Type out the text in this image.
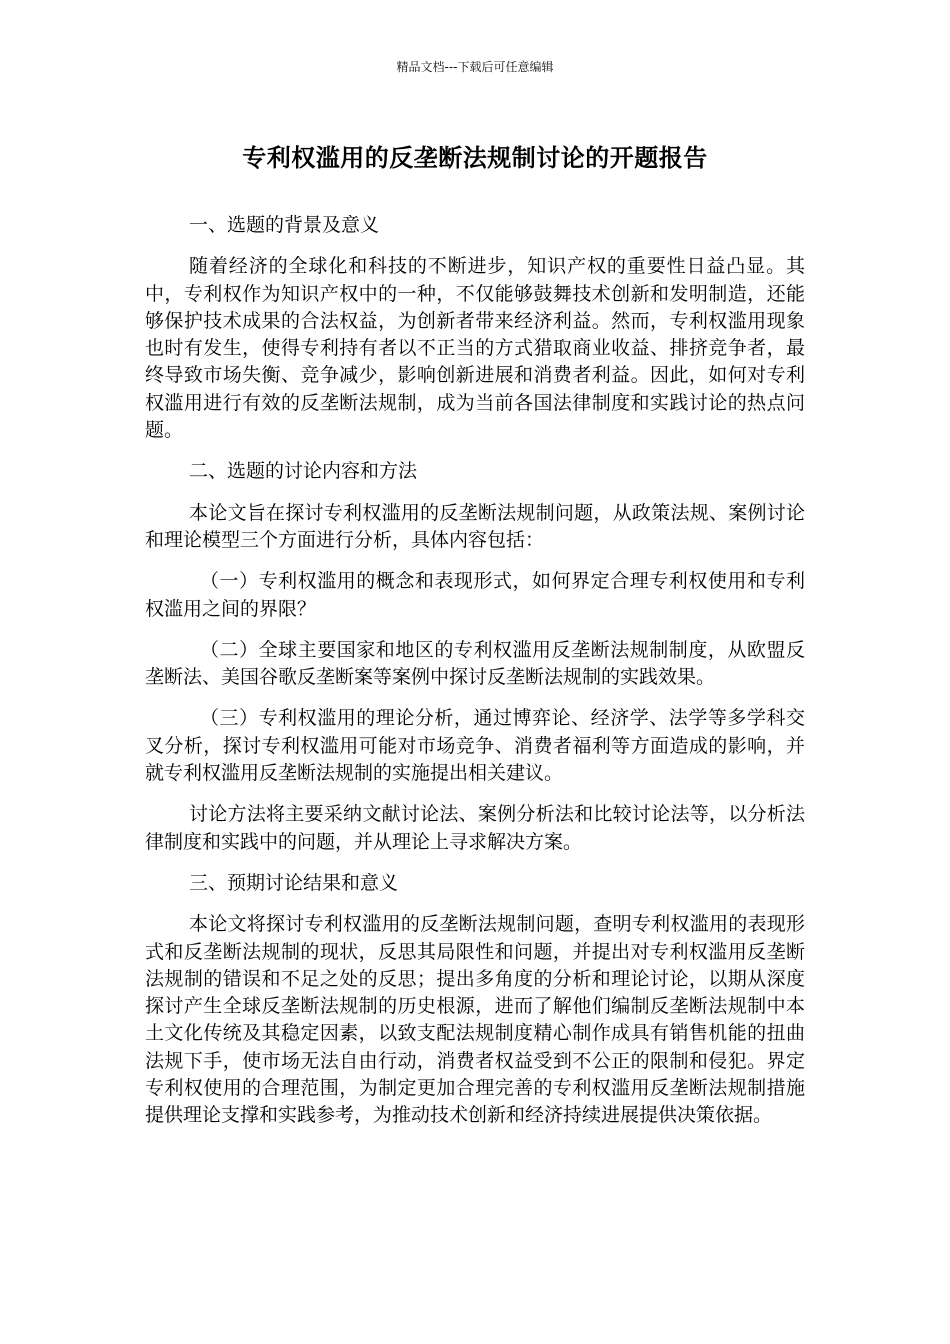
精品文档---下载后可任意编辑
专利权滥用的反垄断法规制讨论的开题报告

一、选题的背景及意义

随着经济的全球化和科技的不断进步，知识产权的重要性日益凸显。其中，专利权作为知识产权中的一种，不仅能够鼓舞技术创新和发明制造，还能够保护技术成果的合法权益，为创新者带来经济利益。然而，专利权滥用现象也时有发生，使得专利持有者以不正当的方式猎取商业收益、排挤竞争者，最终导致市场失衡、竞争减少，影响创新进展和消费者利益。因此，如何对专利权滥用进行有效的反垄断法规制，成为当前各国法律制度和实践讨论的热点问题。

二、选题的讨论内容和方法

本论文旨在探讨专利权滥用的反垄断法规制问题，从政策法规、案例讨论和理论模型三个方面进行分析，具体内容包括：

（一）专利权滥用的概念和表现形式，如何界定合理专利权使用和专利权滥用之间的界限？

（二）全球主要国家和地区的专利权滥用反垄断法规制制度，从欧盟反垄断法、美国谷歌反垄断案等案例中探讨反垄断法规制的实践效果。

（三）专利权滥用的理论分析，通过博弈论、经济学、法学等多学科交叉分析，探讨专利权滥用可能对市场竞争、消费者福利等方面造成的影响，并就专利权滥用反垄断法规制的实施提出相关建议。

讨论方法将主要采纳文献讨论法、案例分析法和比较讨论法等，以分析法律制度和实践中的问题，并从理论上寻求解决方案。

三、预期讨论结果和意义

本论文将探讨专利权滥用的反垄断法规制问题，查明专利权滥用的表现形式和反垄断法规制的现状，反思其局限性和问题，并提出对专利权滥用反垄断法规制的错误和不足之处的反思；提出多角度的分析和理论讨论，以期从深度探讨产生全球反垄断法规制的历史根源，进而了解他们编制反垄断法规制中本土文化传统及其稳定因素，以致支配法规制度精心制作成具有销售机能的扭曲法规下手，使市场无法自由行动，消费者权益受到不公正的限制和侵犯。界定专利权使用的合理范围，为制定更加合理完善的专利权滥用反垄断法规制措施提供理论支撑和实践参考，为推动技术创新和经济持续进展提供决策依据。
